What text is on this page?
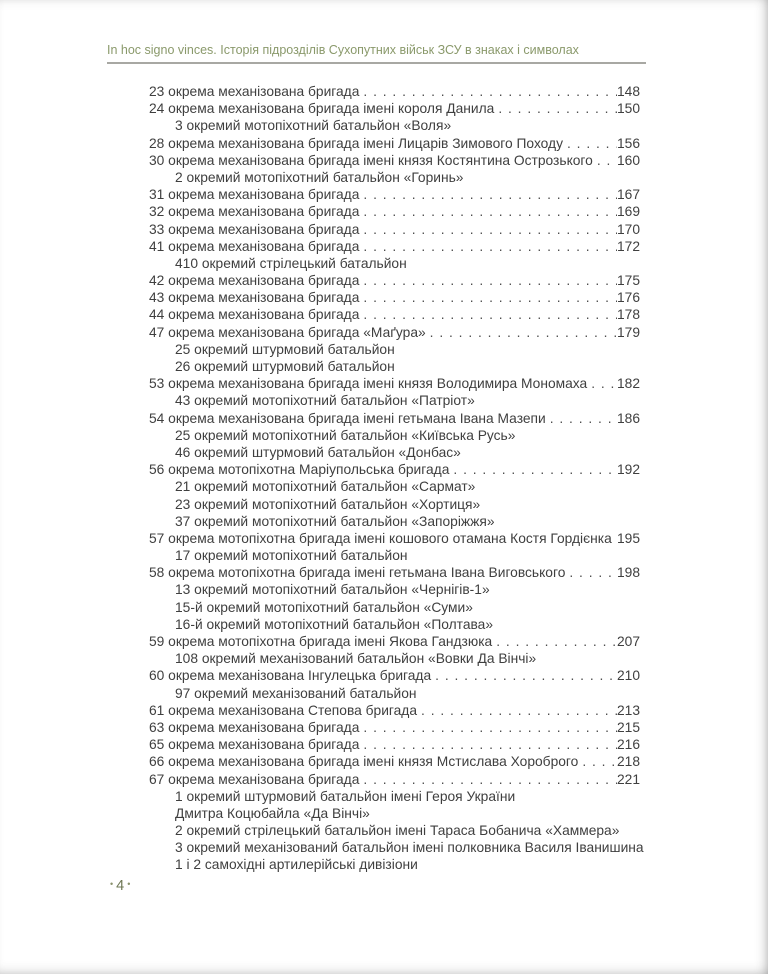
In hoc signo vinces. Історія підрозділів Сухопутних військ ЗСУ в знаках і символах
23 окрема механізована бригада . . .	148
24 окрема механізована бригада імені короля Данила . . .	150
3 окремий мотопіхотний батальйон «Воля»
28 окрема механізована бригада імені Лицарів Зимового Походу . . .	156
30 окрема механізована бригада імені князя Костянтина Острозького . . . 160
2 окремий мотопіхотний батальйон «Горинь»
31 окрема механізована бригада . . .	167
32 окрема механізована бригада . . .	169
33 окрема механізована бригада . . .	170
41 окрема механізована бригада . . .	172
410 окремий стрілецький батальйон
42 окрема механізована бригада . . .	175
43 окрема механізована бригада . . .	176
44 окрема механізована бригада . . .	178
47 окрема механізована бригада «Маґура» . . .	179
25 окремий штурмовий батальйон
26 окремий штурмовий батальйон
53 окрема механізована бригада імені князя Володимира Мономаха . . . 182
43 окремий мотопіхотний батальйон «Патріот»
54 окрема механізована бригада імені гетьмана Івана Мазепи . . .	186
25 окремий мотопіхотний батальйон «Київська Русь»
46 окремий штурмовий батальйон «Донбас»
56 окрема мотопіхотна Маріупольська бригада . . .	192
21 окремий мотопіхотний батальйон «Сармат»
23 окремий мотопіхотний батальйон «Хортиця»
37 окремий мотопіхотний батальйон «Запоріжжя»
57 окрема мотопіхотна бригада імені кошового отамана Костя Гордієнка . . . 195
17 окремий мотопіхотний батальйон
58 окрема мотопіхотна бригада імені гетьмана Івана Виговського . . .	198
13 окремий мотопіхотний батальйон «Чернігів-1»
15-й окремий мотопіхотний батальйон «Суми»
16-й окремий мотопіхотний батальйон «Полтава»
59 окрема мотопіхотна бригада імені Якова Гандзюка . . .	207
108 окремий механізований батальйон «Вовки Да Вінчі»
60 окрема механізована Інгулецька бригада . . .	210
97 окремий механізований батальйон
61 окрема механізована Степова бригада . . .	213
63 окрема механізована бригада . . .	215
65 окрема механізована бригада . . .	216
66 окрема механізована бригада імені князя Мстислава Хороброго . . .	218
67 окрема механізована бригада . . .	221
1 окремий штурмовий батальйон імені Героя України
Дмитра Коцюбайла «Да Вінчі»
2 окремий стрілецький батальйон імені Тараса Бобанича «Хаммера»
3 окремий механізований батальйон імені полковника Василя Іванишина
1 і 2 самохідні артилерійські дивізіони
• 4 •
